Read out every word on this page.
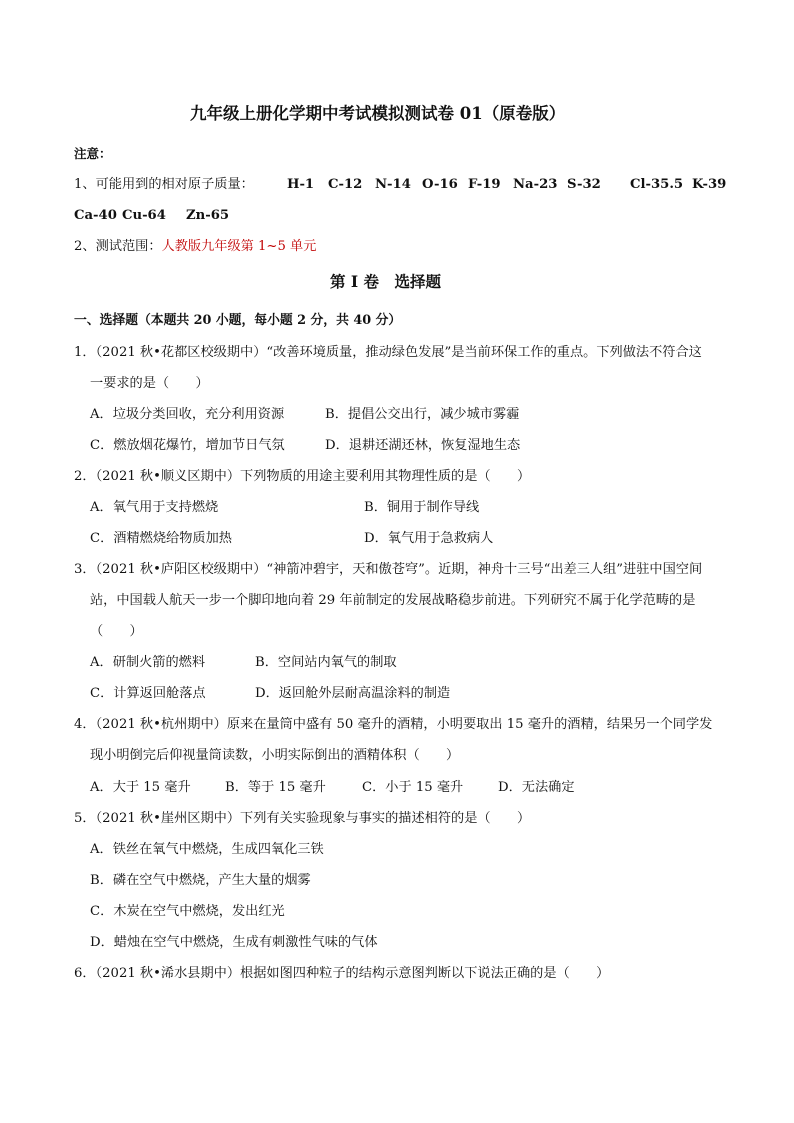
九年级上册化学期中考试模拟测试卷 01（原卷版）
注意：
1、可能用到的相对原子质量：	H-1 C-12 N-14 O-16 F-19 Na-23 S-32 Cl-35.5 K-39
Ca-40 Cu-64 Zn-65
2、测试范围：人教版九年级第 1~5 单元
第 I 卷　选择题
一、选择题（本题共 20 小题，每小题 2 分，共 40 分）
1．（2021 秋•花都区校级期中）“改善环境质量，推动绿色发展”是当前环保工作的重点。下列做法不符合这
一要求的是（　　）
A．垃圾分类回收，充分利用资源	B．提倡公交出行，减少城市雾霾
C．燃放烟花爆竹，增加节日气氛	D．退耕还湖还林，恢复湿地生态
2．（2021 秋•顺义区期中）下列物质的用途主要利用其物理性质的是（　　）
A．氧气用于支持燃烧	B．铜用于制作导线
C．酒精燃烧给物质加热	D．氧气用于急救病人
3．（2021 秋•庐阳区校级期中）“神箭冲碧宇，天和傲苍穹”。近期，神舟十三号“出差三人组”进驻中国空间
站，中国载人航天一步一个脚印地向着 29 年前制定的发展战略稳步前进。下列研究不属于化学范畴的是
（　　）
A．研制火箭的燃料	B．空间站内氧气的制取
C．计算返回舱落点	D．返回舱外层耐高温涂料的制造
4．（2021 秋•杭州期中）原来在量筒中盛有 50 毫升的酒精，小明要取出 15 毫升的酒精，结果另一个同学发
现小明倒完后仰视量筒读数，小明实际倒出的酒精体积（　　）
A．大于 15 毫升	B．等于 15 毫升	C．小于 15 毫升	D．无法确定
5．（2021 秋•崖州区期中）下列有关实验现象与事实的描述相符的是（　　）
A．铁丝在氧气中燃烧，生成四氧化三铁
B．磷在空气中燃烧，产生大量的烟雾
C．木炭在空气中燃烧，发出红光
D．蜡烛在空气中燃烧，生成有刺激性气味的气体
6．（2021 秋•浠水县期中）根据如图四种粒子的结构示意图判断以下说法正确的是（　　）
